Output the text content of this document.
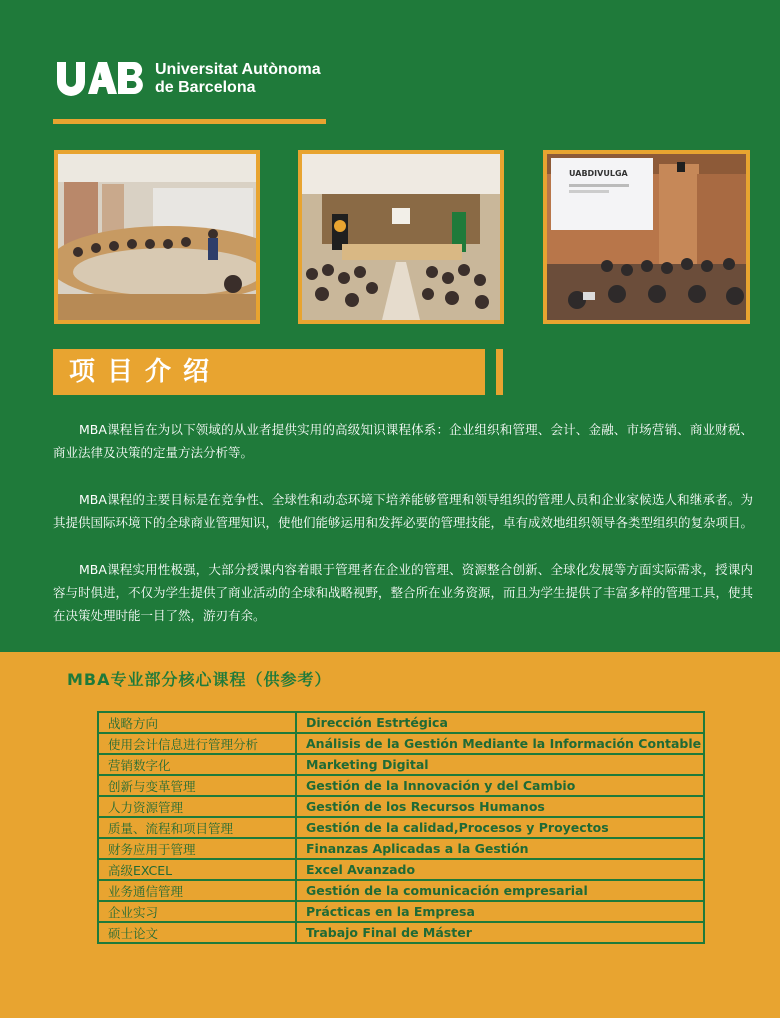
Universitat Autònoma
de Barcelona
UABDIVULGA
项目介绍

MBA课程旨在为以下领域的从业者提供实用的高级知识课程体系：企业组织和管理、会计、金融、市场营销、商业财税、商业法律及决策的定量方法分析等。

MBA课程的主要目标是在竞争性、全球性和动态环境下培养能够管理和领导组织的管理人员和企业家候选人和继承者。为其提供国际环境下的全球商业管理知识，使他们能够运用和发挥必要的管理技能，卓有成效地组织领导各类型组织的复杂项目。

MBA课程实用性极强，大部分授课内容着眼于管理者在企业的管理、资源整合创新、全球化发展等方面实际需求，授课内容与时俱进，不仅为学生提供了商业活动的全球和战略视野，整合所在业务资源，而且为学生提供了丰富多样的管理工具，使其在决策处理时能一目了然，游刃有余。

MBA专业部分核心课程（供参考）
战略方向	Dirección Estrtégica
使用会计信息进行管理分析	Análisis de la Gestión Mediante la Información Contable
营销数字化	Marketing Digital
创新与变革管理	Gestión de la Innovación y del Cambio
人力资源管理	Gestión de los Recursos Humanos
质量、流程和项目管理	Gestión de la calidad,Procesos y Proyectos
财务应用于管理	Finanzas Aplicadas a la Gestión
高级EXCEL	Excel Avanzado
业务通信管理	Gestión de la comunicación empresarial
企业实习	Prácticas en la Empresa
硕士论文	Trabajo Final de Máster
